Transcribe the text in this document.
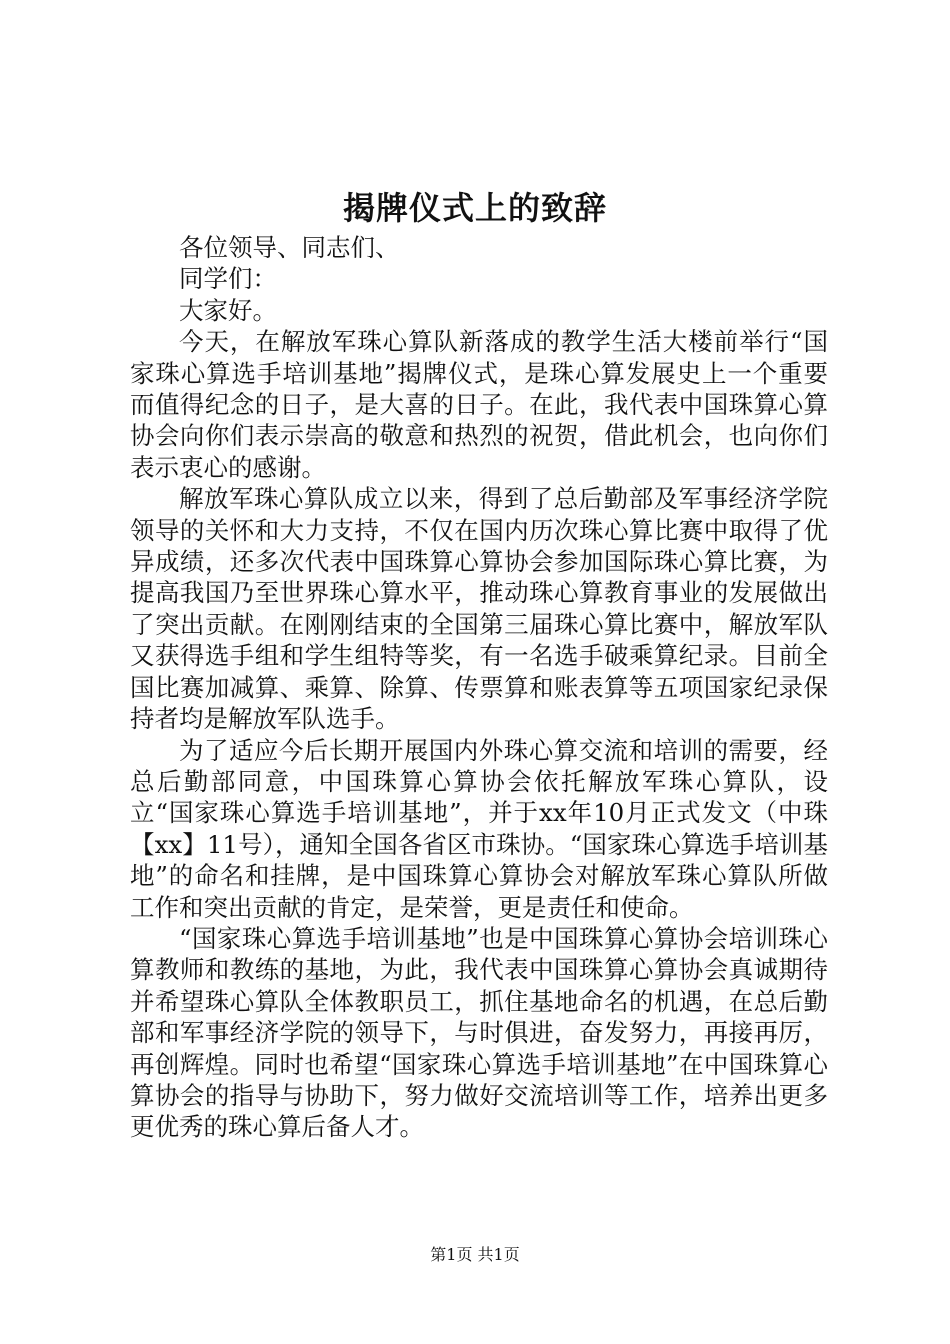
揭牌仪式上的致辞

各位领导、同志们、

同学们：

大家好。

今天，在解放军珠心算队新落成的教学生活大楼前举行“国家珠心算选手培训基地”揭牌仪式，是珠心算发展史上一个重要而值得纪念的日子，是大喜的日子。在此，我代表中国珠算心算协会向你们表示崇高的敬意和热烈的祝贺，借此机会，也向你们表示衷心的感谢。

解放军珠心算队成立以来，得到了总后勤部及军事经济学院领导的关怀和大力支持，不仅在国内历次珠心算比赛中取得了优异成绩，还多次代表中国珠算心算协会参加国际珠心算比赛，为提高我国乃至世界珠心算水平，推动珠心算教育事业的发展做出了突出贡献。在刚刚结束的全国第三届珠心算比赛中，解放军队又获得选手组和学生组特等奖，有一名选手破乘算纪录。目前全国比赛加减算、乘算、除算、传票算和账表算等五项国家纪录保持者均是解放军队选手。

为了适应今后长期开展国内外珠心算交流和培训的需要，经总后勤部同意，中国珠算心算协会依托解放军珠心算队，设立“国家珠心算选手培训基地”，并于xx年10月正式发文（中珠【xx】11号），通知全国各省区市珠协。“国家珠心算选手培训基地”的命名和挂牌，是中国珠算心算协会对解放军珠心算队所做工作和突出贡献的肯定，是荣誉，更是责任和使命。

“国家珠心算选手培训基地”也是中国珠算心算协会培训珠心算教师和教练的基地，为此，我代表中国珠算心算协会真诚期待并希望珠心算队全体教职员工，抓住基地命名的机遇，在总后勤部和军事经济学院的领导下，与时俱进，奋发努力，再接再厉，再创辉煌。同时也希望“国家珠心算选手培训基地”在中国珠算心算协会的指导与协助下，努力做好交流培训等工作，培养出更多更优秀的珠心算后备人才。

第1页 共1页
